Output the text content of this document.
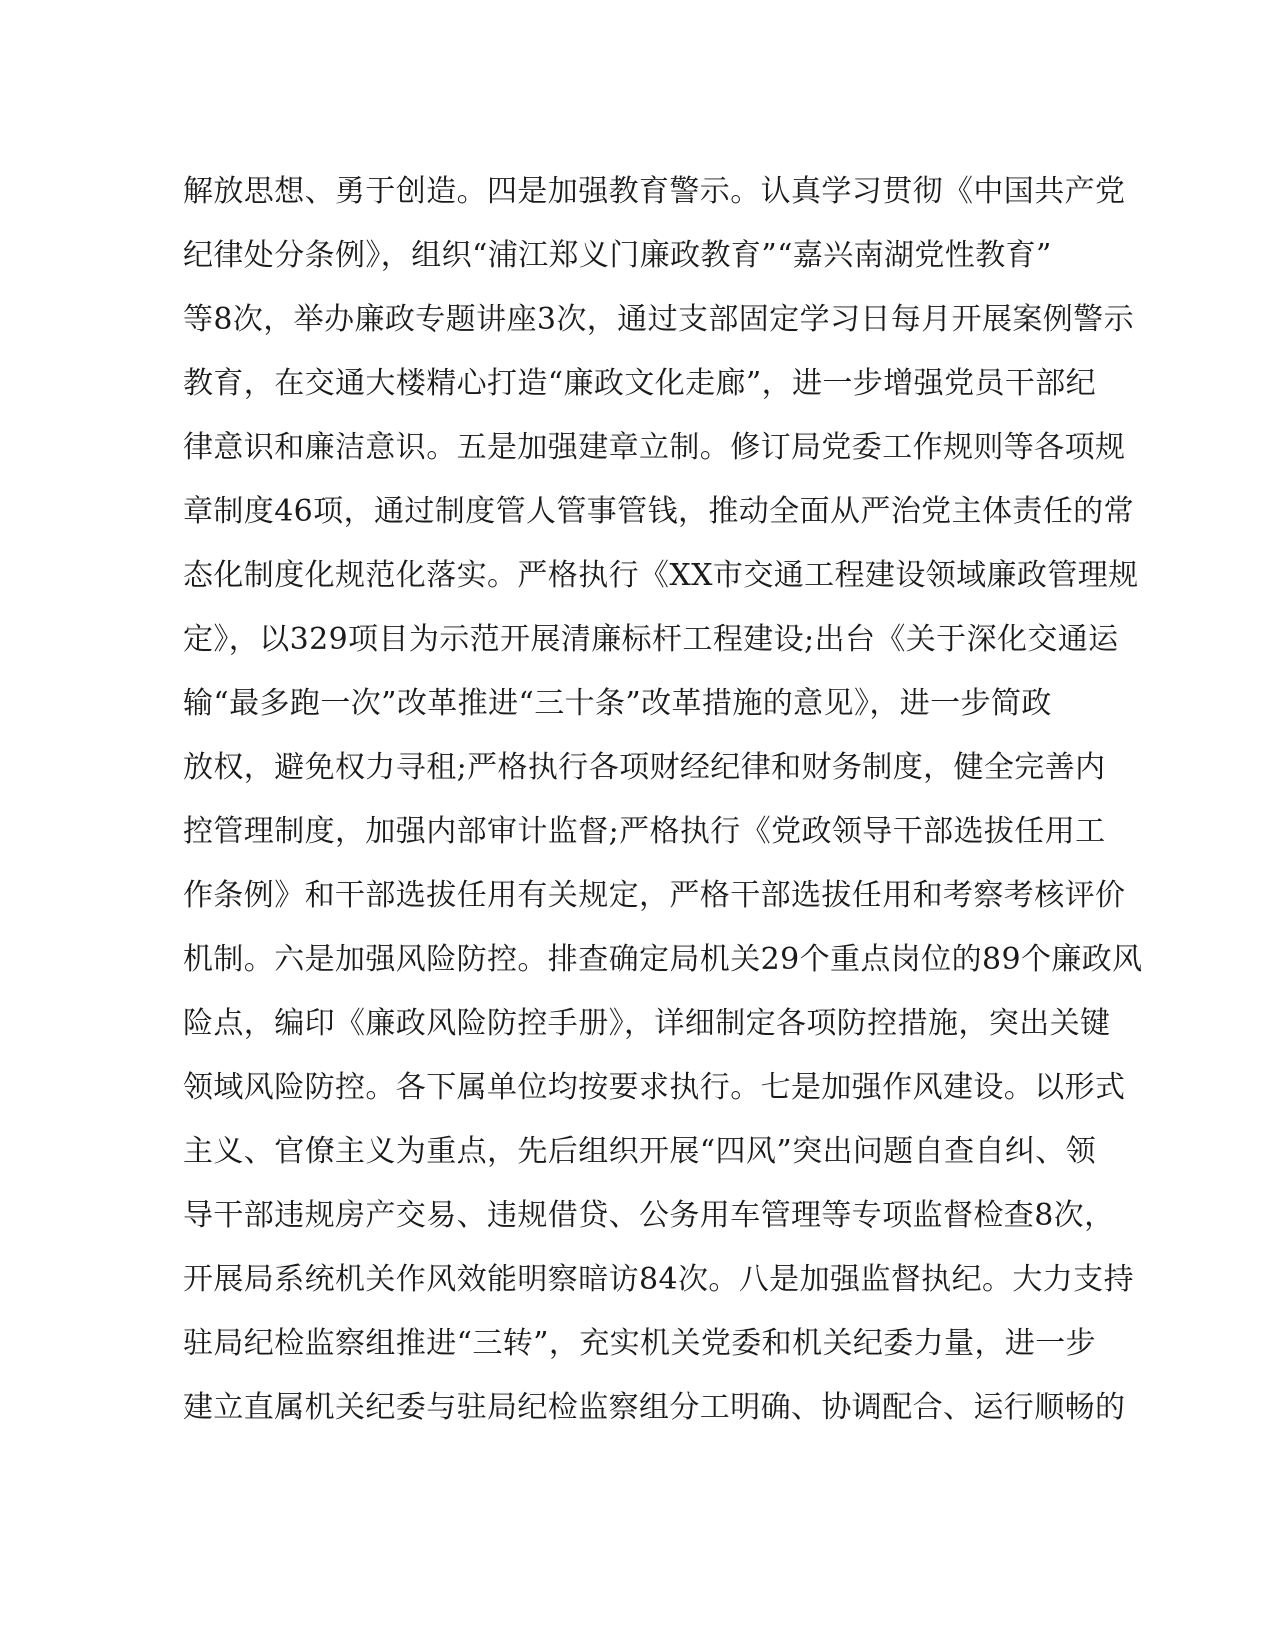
解放思想、勇于创造。四是加强教育警示。认真学习贯彻《中国共产党
纪律处分条例》，组织“浦江郑义门廉政教育”“嘉兴南湖党性教育”
等8次，举办廉政专题讲座3次，通过支部固定学习日每月开展案例警示
教育，在交通大楼精心打造“廉政文化走廊”，进一步增强党员干部纪
律意识和廉洁意识。五是加强建章立制。修订局党委工作规则等各项规
章制度46项，通过制度管人管事管钱，推动全面从严治党主体责任的常
态化制度化规范化落实。严格执行《XX市交通工程建设领域廉政管理规
定》，以329项目为示范开展清廉标杆工程建设;出台《关于深化交通运
输“最多跑一次”改革推进“三十条”改革措施的意见》，进一步简政
放权，避免权力寻租;严格执行各项财经纪律和财务制度，健全完善内
控管理制度，加强内部审计监督;严格执行《党政领导干部选拔任用工
作条例》和干部选拔任用有关规定，严格干部选拔任用和考察考核评价
机制。六是加强风险防控。排查确定局机关29个重点岗位的89个廉政风
险点，编印《廉政风险防控手册》，详细制定各项防控措施，突出关键
领域风险防控。各下属单位均按要求执行。七是加强作风建设。以形式
主义、官僚主义为重点，先后组织开展“四风”突出问题自查自纠、领
导干部违规房产交易、违规借贷、公务用车管理等专项监督检查8次，
开展局系统机关作风效能明察暗访84次。八是加强监督执纪。大力支持
驻局纪检监察组推进“三转”，充实机关党委和机关纪委力量，进一步
建立直属机关纪委与驻局纪检监察组分工明确、协调配合、运行顺畅的
